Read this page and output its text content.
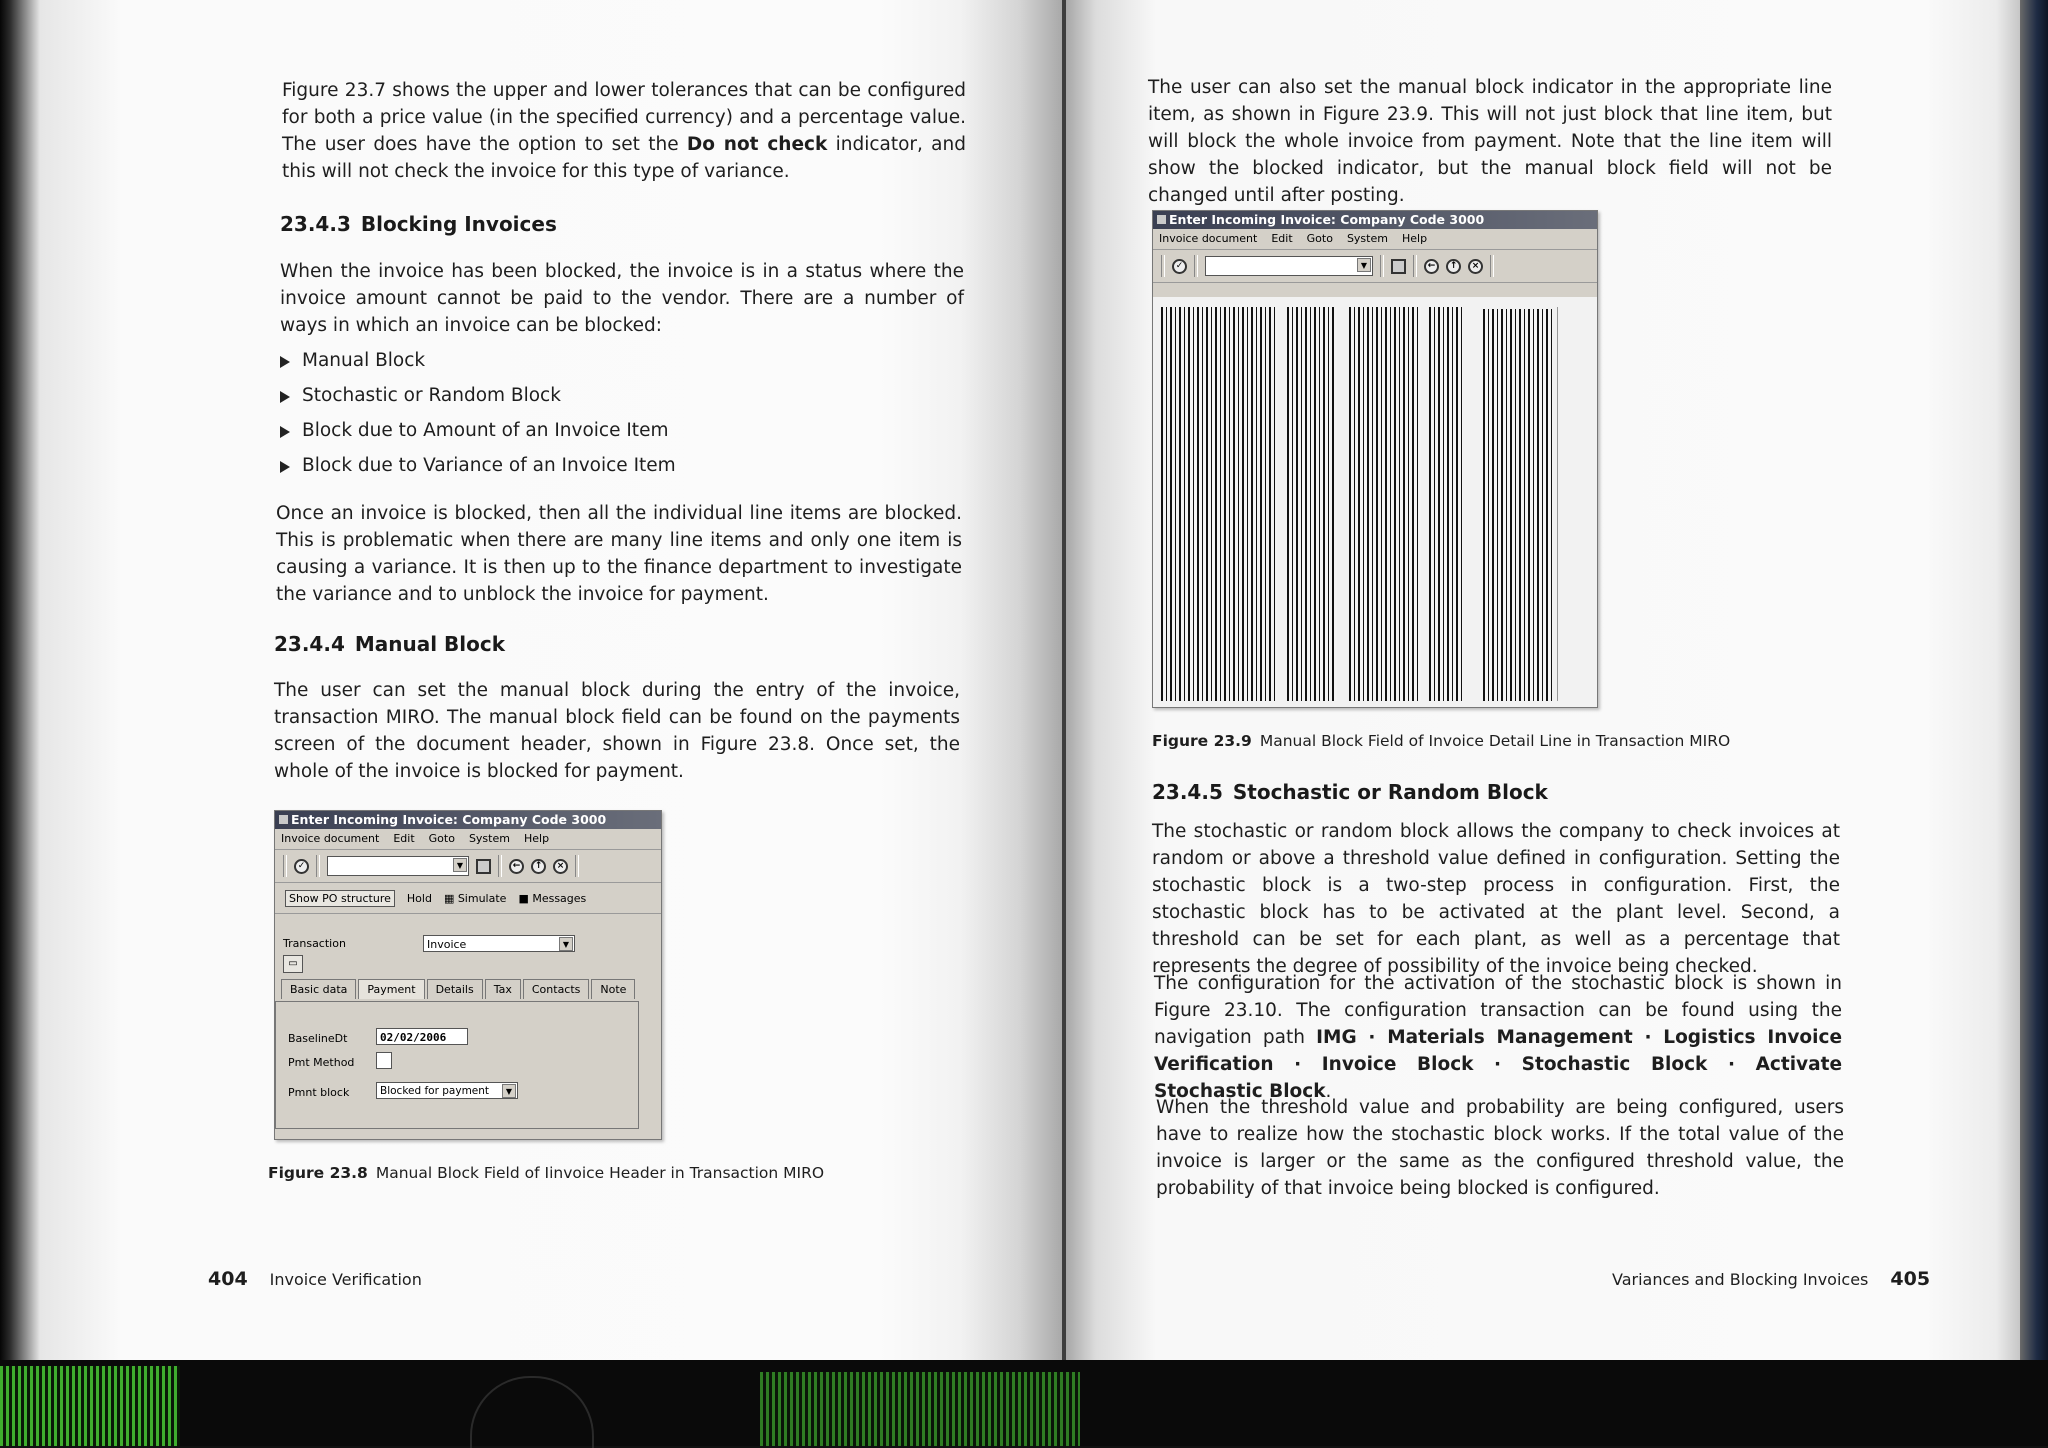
Figure 23.7 shows the upper and lower tolerances that can be configured for both a price value (in the specified currency) and a percentage value. The user does have the option to set the Do not check indicator, and this will not check the invoice for this type of variance.

23.4.3 Blocking Invoices

When the invoice has been blocked, the invoice is in a status where the invoice amount cannot be paid to the vendor. There are a number of ways in which an invoice can be blocked:

Manual Block
Stochastic or Random Block
Block due to Amount of an Invoice Item
Block due to Variance of an Invoice Item

Once an invoice is blocked, then all the individual line items are blocked. This is problematic when there are many line items and only one item is causing a variance. It is then up to the finance department to investigate the variance and to unblock the invoice for payment.

23.4.4 Manual Block

The user can set the manual block during the entry of the invoice, transaction MIRO. The manual block field can be found on the payments screen of the document header, shown in Figure 23.8. Once set, the whole of the invoice is blocked for payment.

Enter Incoming Invoice: Company Code 3000
Invoice document Edit Goto System Help
✓ ▼	←	↑	×
Show PO structure	Hold ▦ Simulate ■ Messages
Transaction	Invoice ▼
▭
Basic data	Payment	Details	Tax	Contacts	Note
BaselineDt	02/02/2006
Pmt Method
Pmnt block	Blocked for payment ▼
Figure 23.8 Manual Block Field of Iinvoice Header in Transaction MIRO
404 Invoice Verification

The user can also set the manual block indicator in the appropriate line item, as shown in Figure 23.9. This will not just block that line item, but will block the whole invoice from payment. Note that the line item will show the blocked indicator, but the manual block field will not be changed until after posting.

Enter Incoming Invoice: Company Code 3000
Invoice document Edit Goto System Help
✓ ▼	←	↑	×
Figure 23.9 Manual Block Field of Invoice Detail Line in Transaction MIRO
23.4.5 Stochastic or Random Block

The stochastic or random block allows the company to check invoices at random or above a threshold value defined in configuration. Setting the stochastic block is a two-step process in configuration. First, the stochastic block has to be activated at the plant level. Second, a threshold can be set for each plant, as well as a percentage that represents the degree of possibility of the invoice being checked.

The configuration for the activation of the stochastic block is shown in Figure 23.10. The configuration transaction can be found using the navigation path IMG · Materials Management · Logistics Invoice Verification · Invoice Block · Stochastic Block · Activate Stochastic Block.

When the threshold value and probability are being configured, users have to realize how the stochastic block works. If the total value of the invoice is larger or the same as the configured threshold value, the probability of that invoice being blocked is configured.

Variances and Blocking Invoices 405
